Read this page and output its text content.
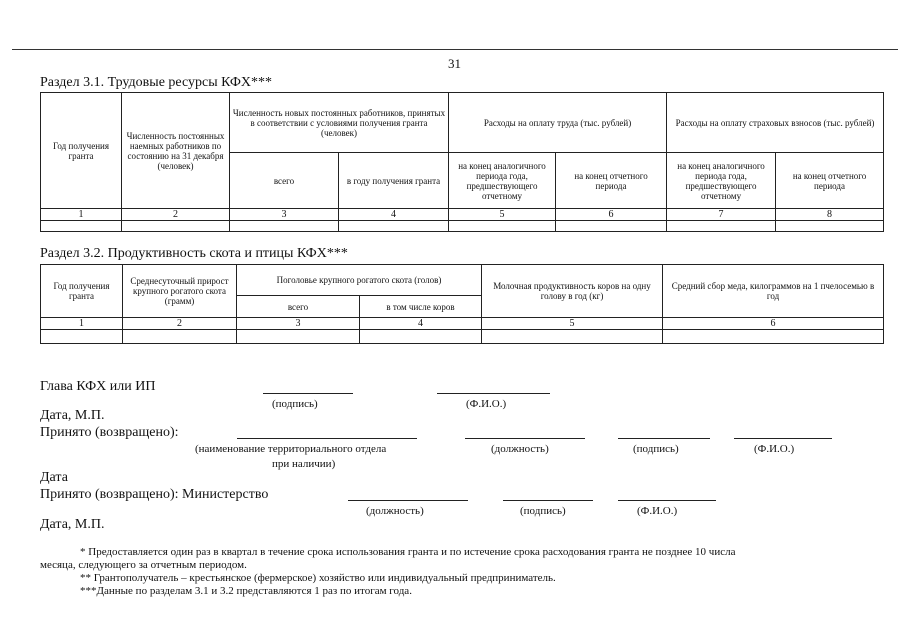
31
Раздел 3.1. Трудовые ресурсы КФХ***
Год получения гранта	Численность постоянных наемных работников по состоянию на 31 декабря (человек)	Численность новых постоянных работников, принятых в соответствии с условиями получения гранта (человек)		Расходы на оплату труда (тыс. рублей)		Расходы на оплату страховых взносов (тыс. рублей)	
		всего	в году получения гранта	на конец аналогичного периода года, предшествующего отчетному	на конец отчетного периода	на конец аналогичного периода года, предшествующего отчетному	на конец отчетного периода
1	2	3	4	5	6	7	8

Раздел 3.2. Продуктивность скота и птицы КФХ***
Год получения гранта	Среднесуточный прирост крупного рогатого скота (грамм)	Поголовье крупного рогатого скота (голов)		Молочная продуктивность коров на одну голову в год (кг)	Средний сбор меда, килограммов на 1 пчелосемью в год
		всего	в том числе коров		
1	2	3	4	5	6

Глава КФХ или ИП
(подпись)	(Ф.И.О.)
Дата, М.П.
Принято (возвращено):
(наименование территориального отдела
при наличии)
(должность)	(подпись)	(Ф.И.О.)
Дата
Принято (возвращено): Министерство
(должность)	(подпись)	(Ф.И.О.)
Дата, М.П.
* Предоставляется один раз в квартал в течение срока использования гранта и по истечение срока расходования гранта не позднее 10 числа
месяца, следующего за отчетным периодом.
** Грантополучатель – крестьянское (фермерское) хозяйство или индивидуальный предприниматель.
***Данные по разделам 3.1 и 3.2 представляются 1 раз по итогам года.
